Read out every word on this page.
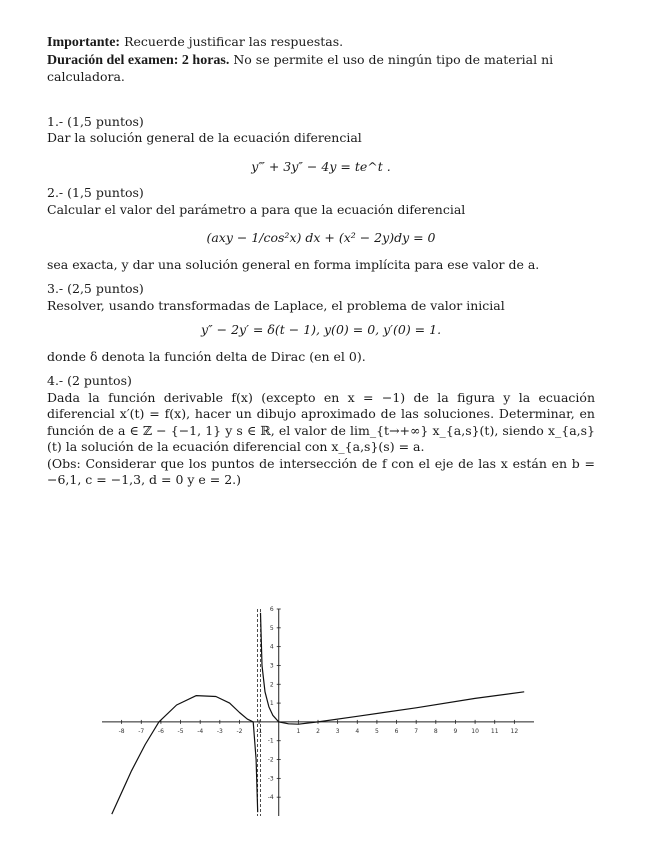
Importante: Recuerde justificar las respuestas.

Duración del examen: 2 horas. No se permite el uso de ningún tipo de material ni calculadora.

1.- (1,5 puntos)

Dar la solución general de la ecuación diferencial

y‴ + 3y″ − 4y = te^t .

2.- (1,5 puntos)

Calcular el valor del parámetro a para que la ecuación diferencial

(axy − 1/cos²x) dx + (x² − 2y)dy = 0

sea exacta, y dar una solución general en forma implícita para ese valor de a.

3.- (2,5 puntos)

Resolver, usando transformadas de Laplace, el problema de valor inicial

y″ − 2y′ = δ(t − 1), y(0) = 0, y′(0) = 1.

donde δ denota la función delta de Dirac (en el 0).

4.- (2 puntos)

Dada la función derivable f(x) (excepto en x = −1) de la figura y la ecuación diferencial x′(t) = f(x), hacer un dibujo aproximado de las soluciones. Determinar, en función de a ∈ ℤ − {−1, 1} y s ∈ ℝ, el valor de lim_{t→+∞} x_{a,s}(t), siendo x_{a,s}(t) la solución de la ecuación diferencial con x_{a,s}(s) = a.

(Obs: Considerar que los puntos de intersección de f con el eje de las x están en b = −6,1, c = −1,3, d = 0 y e = 2.)

-8 -7 -6 -5 -4 -3 -2 -1	1	2	3	4	5	6	7	8	9 10 11 12
6
5
4
3
2
1
-1
-2
-3
-4
